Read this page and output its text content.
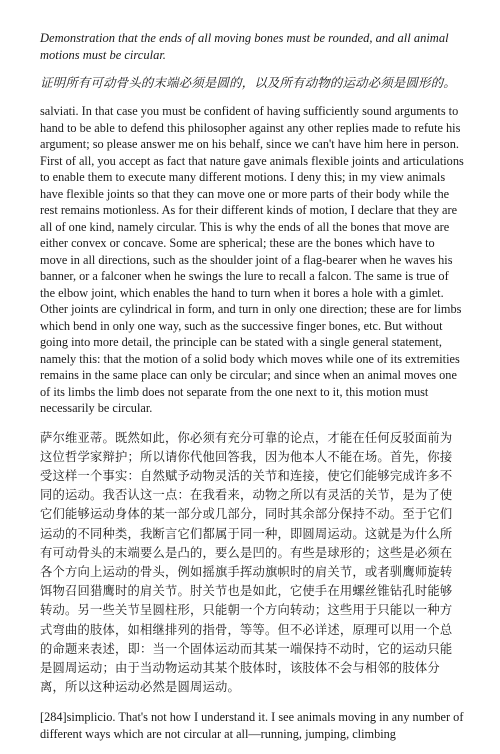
Demonstration that the ends of all moving bones must be rounded, and all animal motions must be circular.

证明所有可动骨头的末端必须是圆的，以及所有动物的运动必须是圆形的。

salviati. In that case you must be confident of having sufficiently sound arguments to hand to be able to defend this philosopher against any other replies made to refute his argument; so please answer me on his behalf, since we can't have him here in person. First of all, you accept as fact that nature gave animals flexible joints and articulations to enable them to execute many different motions. I deny this; in my view animals have flexible joints so that they can move one or more parts of their body while the rest remains motionless. As for their different kinds of motion, I declare that they are all of one kind, namely circular. This is why the ends of all the bones that move are either convex or concave. Some are spherical; these are the bones which have to move in all directions, such as the shoulder joint of a flag-bearer when he waves his banner, or a falconer when he swings the lure to recall a falcon. The same is true of the elbow joint, which enables the hand to turn when it bores a hole with a gimlet. Other joints are cylindrical in form, and turn in only one direction; these are for limbs which bend in only one way, such as the successive finger bones, etc. But without going into more detail, the principle can be stated with a single general statement, namely this: that the motion of a solid body which moves while one of its extremities remains in the same place can only be circular; and since when an animal moves one of its limbs the limb does not separate from the one next to it, this motion must necessarily be circular.

萨尔维亚蒂。既然如此，你必须有充分可靠的论点，才能在任何反驳面前为这位哲学家辩护；所以请你代他回答我，因为他本人不能在场。首先，你接受这样一个事实：自然赋予动物灵活的关节和连接，使它们能够完成许多不同的运动。我否认这一点：在我看来，动物之所以有灵活的关节，是为了使它们能够运动身体的某一部分或几部分，同时其余部分保持不动。至于它们运动的不同种类，我断言它们都属于同一种，即圆周运动。这就是为什么所有可动骨头的末端要么是凸的，要么是凹的。有些是球形的；这些是必须在各个方向上运动的骨头，例如摇旗手挥动旗帜时的肩关节，或者驯鹰师旋转饵物召回猎鹰时的肩关节。肘关节也是如此，它使手在用螺丝锥钻孔时能够转动。另一些关节呈圆柱形，只能朝一个方向转动；这些用于只能以一种方式弯曲的肢体，如相继排列的指骨，等等。但不必详述，原理可以用一个总的命题来表述，即：当一个固体运动而其某一端保持不动时，它的运动只能是圆周运动；由于当动物运动其某个肢体时，该肢体不会与相邻的肢体分离，所以这种运动必然是圆周运动。

[284]simplicio. That's not how I understand it. I see animals moving in any number of different ways which are not circular at all—running, jumping, climbing
